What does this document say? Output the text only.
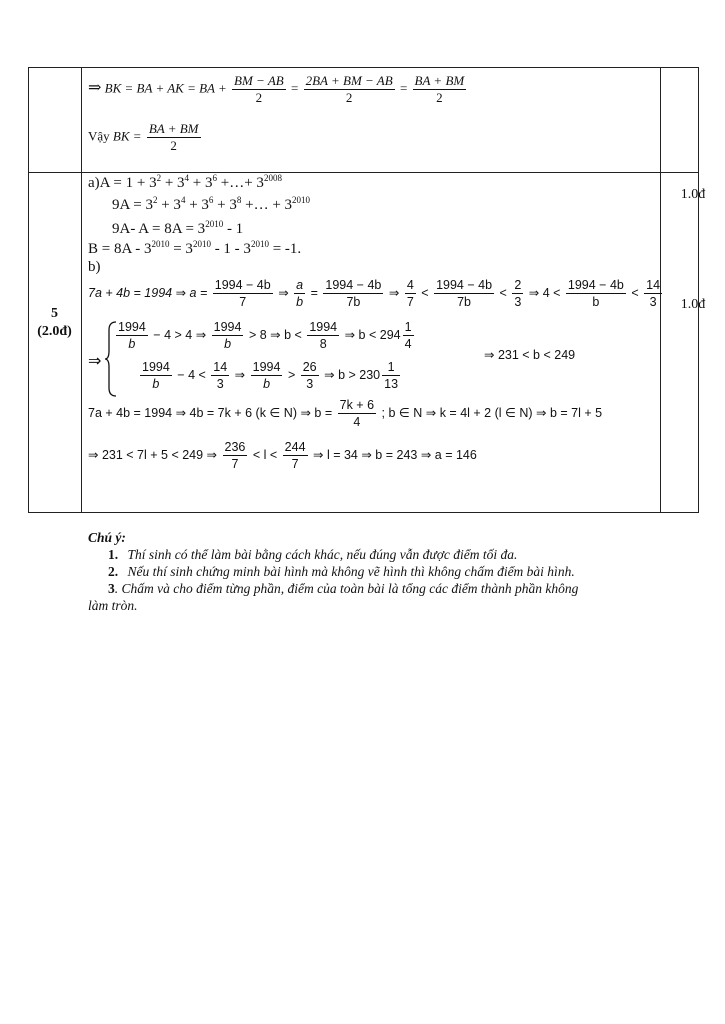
⇒ BK = BA + AK = BA + $\frac{BM - AB}{2} = \frac{2BA + BM - AB}{2} = \frac{BA + BM}{2}$
Vậy BK = $\frac{BA + BM}{2}$
5
(2.0đ)
1.0đ
1.0đ
$a)A = 1 + 3^2 + 3^4 + 3^6$ +…+ $3^{2008}$
$9A = 3^2 + 3^4 + 3^6 + 3^8$ +… + $3^{2010}$
9A- $A = 8A = 3^{2010} - 1$
$B = 8A - 3^{2010} = 3^{2010} - 1 - 3^{2010} = -1$.
b)
7a + 4b = 1994 ⇒ $a = \frac{1994 - 4b}{7}$ ⇒ $\frac{a}{b} = \frac{1994 - 4b}{7b}$ ⇒ $\frac{4}{7} < \frac{1994 - 4b}{7b} < \frac{2}{3}$ ⇒ $4 < \frac{1994 - 4b}{b} < \frac{14}{3}$
⇒
$\frac{1994}{b} - 4 > 4$ ⇒ $\frac{1994}{b} > 8$ ⇒ $b < \frac{1994}{8}$ ⇒ $b < 294 \frac{1}{4}$
$\frac{1994}{b} - 4 < \frac{14}{3}$ ⇒ $\frac{1994}{b} > \frac{26}{3}$ ⇒ $b > 230 \frac{1}{13}$
⇒ 231 < b < 249
7a + 4b = 1994 ⇒ 4b = 7k + 6 (k ∈ N) ⇒ $b = \frac{7k + 6}{4}$ ; b ∈ N ⇒ k = 4l + 2 (l ∈ N) ⇒ b = 7l + 5
⇒ 231 < 7l + 5 < 249 ⇒ $\frac{236}{7} < l < \frac{244}{7}$ ⇒ l = 34 ⇒ b = 243 ⇒ a = 146
Chú ý:
1. Thí sinh có thể làm bài bằng cách khác, nếu đúng vẫn được điểm tối đa.
2. Nếu thí sinh chứng minh bài hình mà không vẽ hình thì không chấm điểm bài hình.
3. Chấm và cho điểm từng phần, điểm của toàn bài là tổng các điểm thành phần không
làm tròn.
